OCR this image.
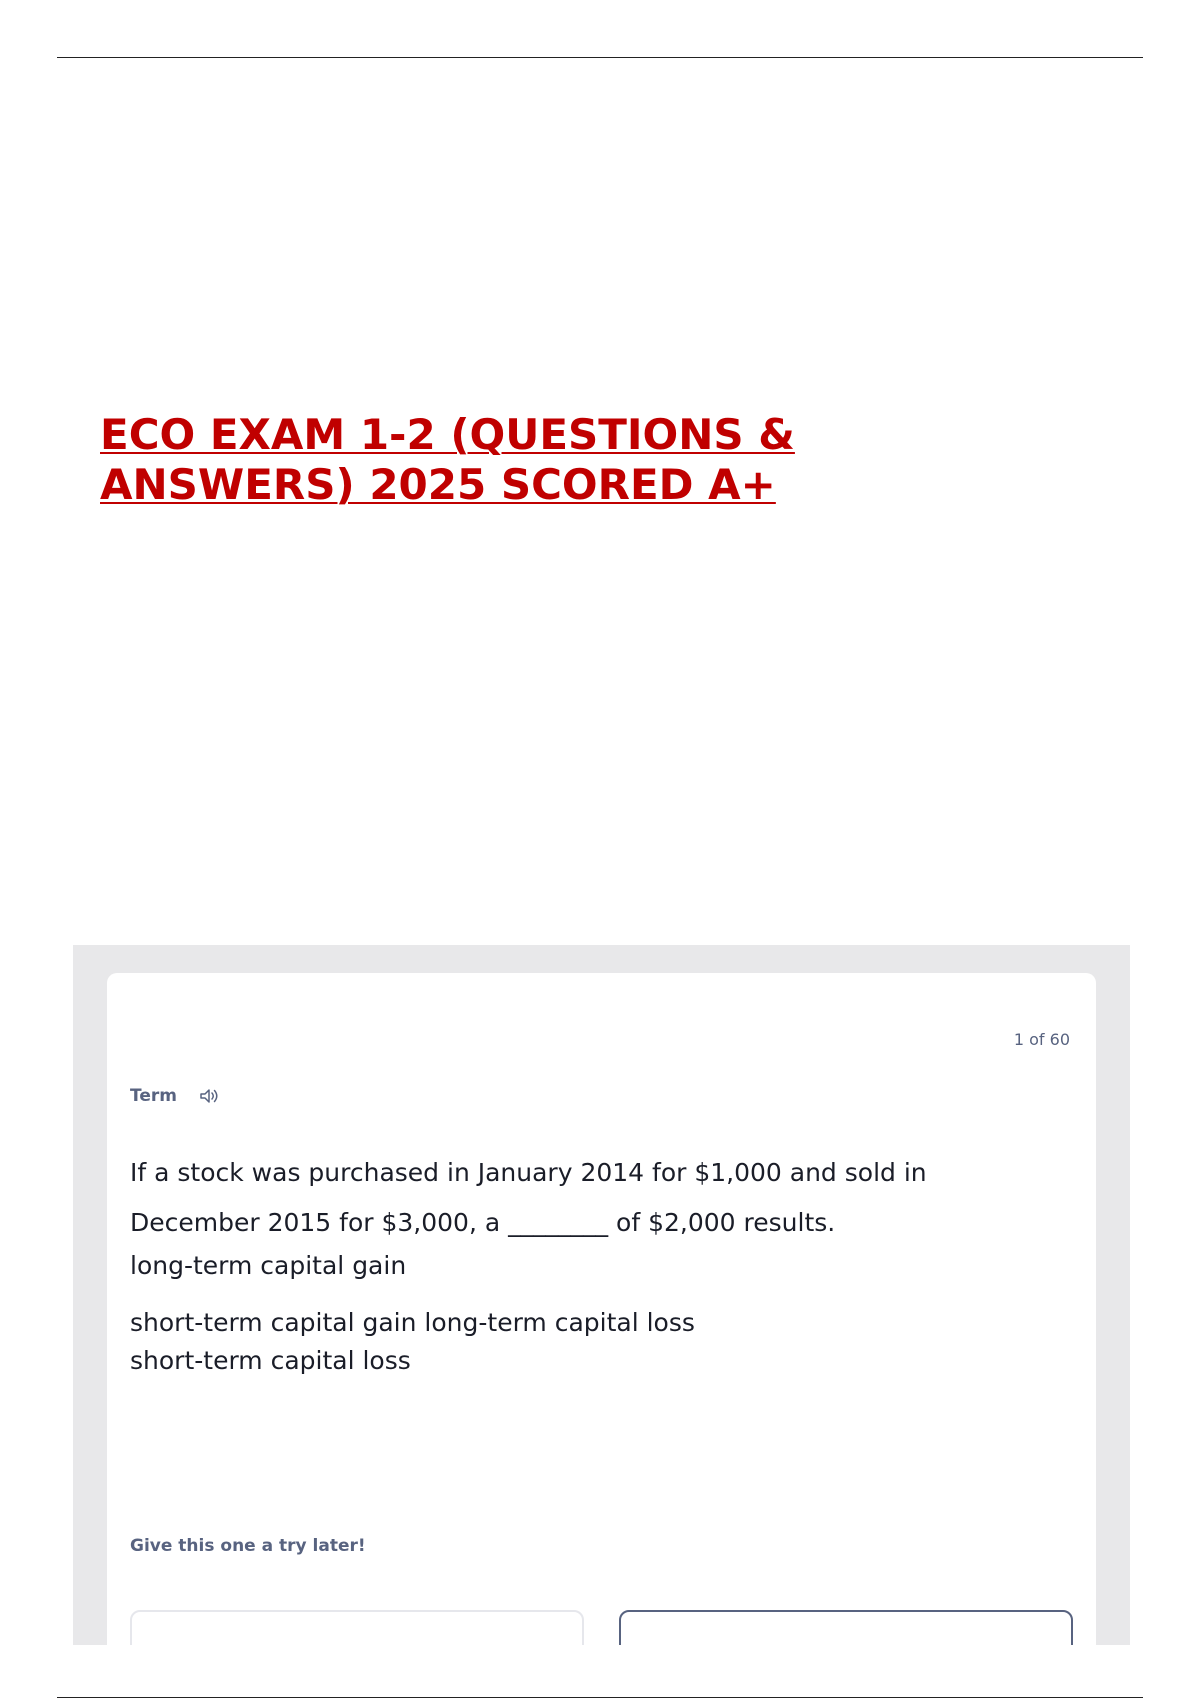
ECO EXAM 1-2 (QUESTIONS &
ANSWERS) 2025 SCORED A+
1 of 60
Term

If a stock was purchased in January 2014 for $1,000 and sold in

December 2015 for $3,000, a ________ of $2,000 results.

long-term capital gain

short-term capital gain long-term capital loss

short-term capital loss

Give this one a try later!
